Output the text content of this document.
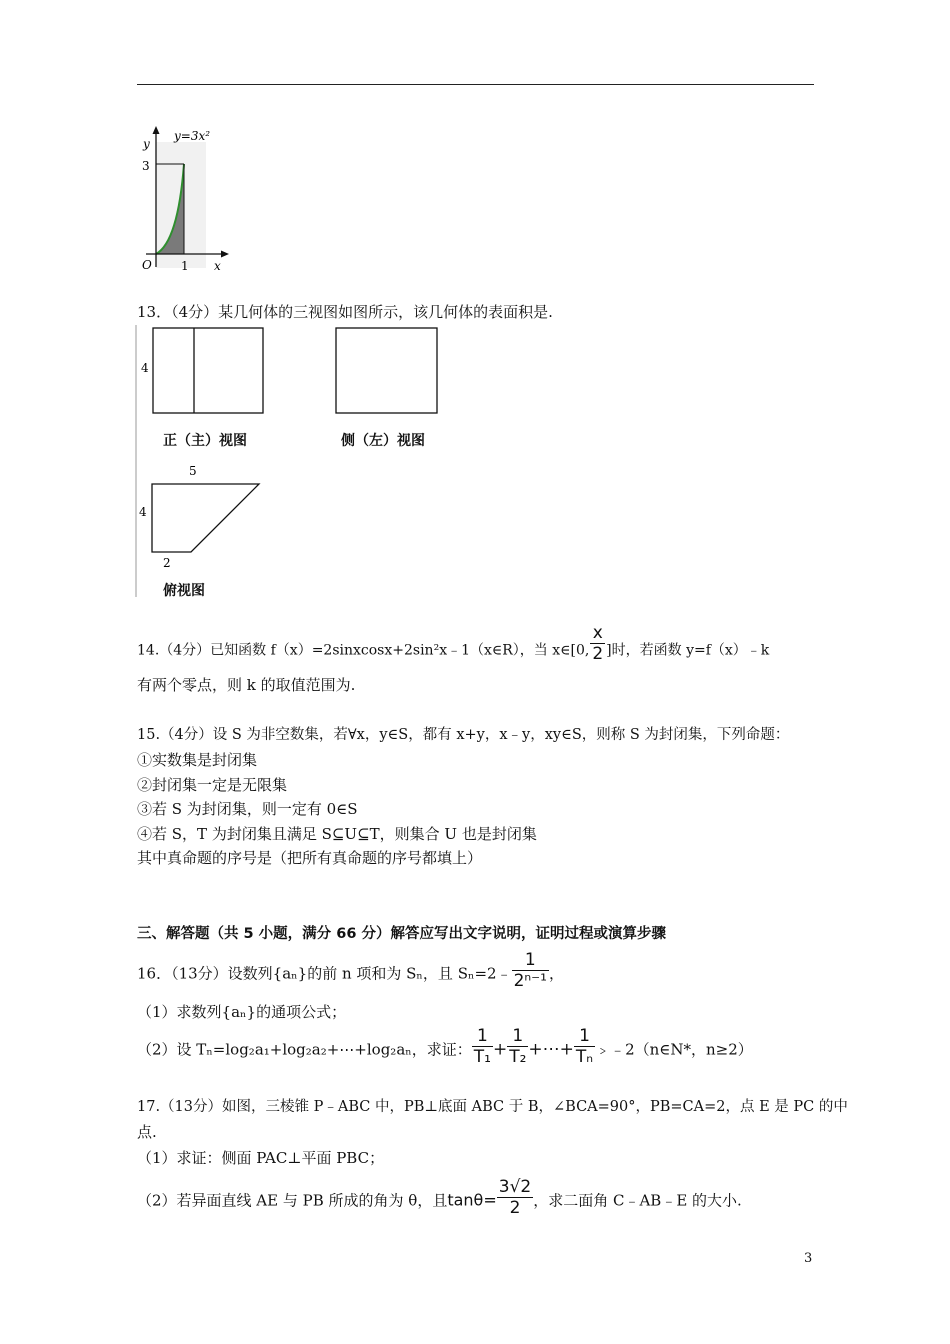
y=3x²
y
3
O 1 x
13．（4分）某几何体的三视图如图所示，该几何体的表面积是.
4
5
4
2
正（主）视图	侧（左）视图
俯视图
14.（4分）已知函数 f（x）=2sinxcosx+2sin²x﹣1（x∈R），当 x∈[0, $\frac{x}{2}$ ]时，若函数 y=f（x）﹣k
有两个零点，则 k 的取值范围为.
15.（4分）设 S 为非空数集，若∀x，y∈S，都有 x+y，x﹣y，xy∈S，则称 S 为封闭集，下列命题：
①实数集是封闭集
②封闭集一定是无限集
③若 S 为封闭集，则一定有 0∈S
④若 S，T 为封闭集且满足 S⊆U⊆T，则集合 U 也是封闭集
其中真命题的序号是（把所有真命题的序号都填上）
三、解答题（共 5 小题，满分 66 分）解答应写出文字说明，证明过程或演算步骤
16．（13分）设数列{aₙ}的前 n 项和为 Sₙ，且 Sₙ=2﹣ $\frac{1}{\text{2ⁿ⁻¹}}$ ，
（1）求数列{aₙ}的通项公式；
（2）设 Tₙ=log₂a₁+log₂a₂+⋯+log₂aₙ，求证： $\frac{1}{\text{T₁}} + \frac{1}{\text{T₂}}$ +⋯+ $\frac{1}{\text{Tₙ}}$ ﹥﹣2（n∈N*，n≥2）
17.（13分）如图，三棱锥 P﹣ABC 中，PB⊥底面 ABC 于 B，∠BCA=90°，PB=CA=2，点 E 是 PC 的中
点.
（1）求证：侧面 PAC⊥平面 PBC；
（2）若异面直线 AE 与 PB 所成的角为 θ，且$\tan\theta= \frac{3√2}{2}$ ，求二面角 C﹣AB﹣E 的大小.
3
